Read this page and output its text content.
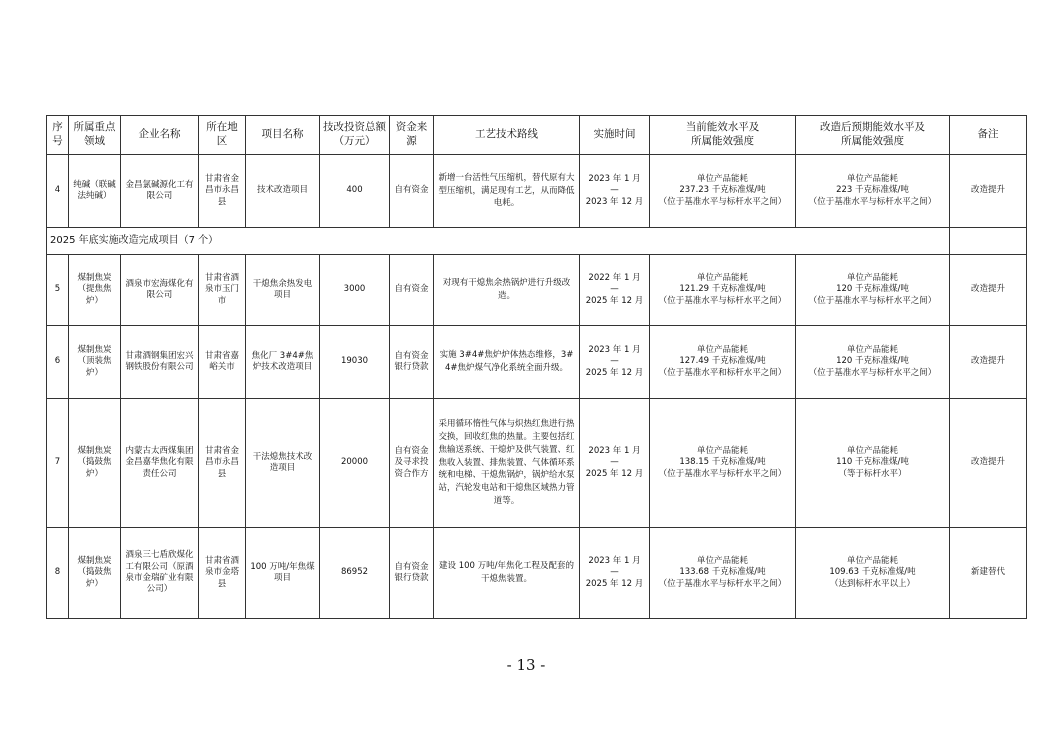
序号	所属重点领域	企业名称	所在地区	项目名称	技改投资总额（万元）	资金来源	工艺技术路线	实施时间	当前能效水平及
所属能效强度	改造后预期能效水平及
所属能效强度	备注
4	纯碱（联碱法纯碱）	金昌氯碱源化工有限公司	甘肃省金昌市永昌县	技术改造项目	400	自有资金	新增一台活性气压缩机，替代原有大型压缩机，满足现有工艺，从而降低电耗。	2023 年 1 月
—
2023 年 12 月	单位产品能耗
237.23 千克标准煤/吨
（位于基准水平与标杆水平之间）	单位产品能耗
223 千克标准煤/吨
（位于基准水平与标杆水平之间）	改造提升
2025 年底实施改造完成项目（7 个）											
5	煤制焦炭（提焦焦炉）	酒泉市宏海煤化有限公司	甘肃省酒泉市玉门市	干熄焦余热发电项目	3000	自有资金	对现有干熄焦余热锅炉进行升级改造。	2022 年 1 月
—
2025 年 12 月	单位产品能耗
121.29 千克标准煤/吨
（位于基准水平与标杆水平之间）	单位产品能耗
120 千克标准煤/吨
（位于基准水平与标杆水平之间）	改造提升
6	煤制焦炭（顶装焦炉）	甘肃酒钢集团宏兴钢铁股份有限公司	甘肃省嘉峪关市	焦化厂 3#4#焦炉技术改造项目	19030	自有资金银行贷款	实施 3#4#焦炉炉体热态维修，3#4#焦炉煤气净化系统全面升级。	2023 年 1 月
—
2025 年 12 月	单位产品能耗
127.49 千克标准煤/吨
（位于基准水平和标杆水平之间）	单位产品能耗
120 千克标准煤/吨
（位于基准水平与标杆水平之间）	改造提升
7	煤制焦炭（捣鼓焦炉）	内蒙古太西煤集团金昌嘉华焦化有限责任公司	甘肃省金昌市永昌县	干法熄焦技术改造项目	20000	自有资金及寻求投资合作方	采用循环惰性气体与炽热红焦进行热交换，回收红焦的热量。主要包括红焦输送系统、干熄炉及供气装置、红焦收入装置、排焦装置、气体循环系统和电梯、干熄焦锅炉，锅炉给水泵站，汽轮发电站和干熄焦区域热力管道等。	2023 年 1 月
—
2025 年 12 月	单位产品能耗
138.15 千克标准煤/吨
（位于基准水平与标杆水平之间）	单位产品能耗
110 千克标准煤/吨
（等于标杆水平）	改造提升
8	煤制焦炭（捣鼓焦炉）	酒泉三七盾欣煤化工有限公司（原酒泉市金瑞矿业有限公司）	甘肃省酒泉市金塔县	100 万吨/年焦煤项目	86952	自有资金银行贷款	建设 100 万吨/年焦化工程及配套的干熄焦装置。	2023 年 1 月
—
2025 年 12 月	单位产品能耗
133.68 千克标准煤/吨
（位于基准水平与标杆水平之间）	单位产品能耗
109.63 千克标准煤/吨
（达到标杆水平以上）	新建替代
- 13 -
